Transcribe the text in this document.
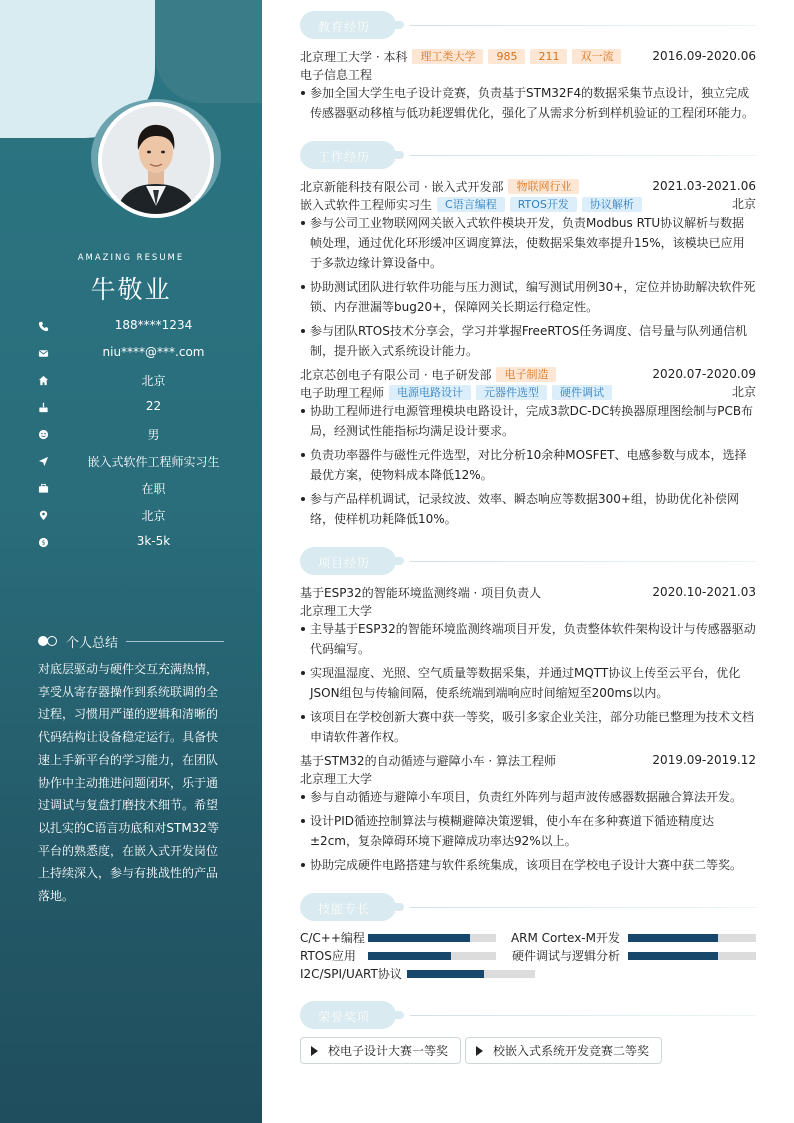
AMAZING RESUME
牛敬业
188****1234
niu****@***.com
北京
22
男
嵌入式软件工程师实习生
在职
北京
$	3k-5k
个人总结
对底层驱动与硬件交互充满热情，享受从寄存器操作到系统联调的全过程，习惯用严谨的逻辑和清晰的代码结构让设备稳定运行。具备快速上手新平台的学习能力，在团队协作中主动推进问题闭环，乐于通过调试与复盘打磨技术细节。希望以扎实的C语言功底和对STM32等平台的熟悉度，在嵌入式开发岗位上持续深入，参与有挑战性的产品落地。
教育经历
北京理工大学 · 本科	理工类大学	985	211	双一流	2016.09-2020.06
电子信息工程
参加全国大学生电子设计竞赛，负责基于STM32F4的数据采集节点设计，独立完成传感器驱动移植与低功耗逻辑优化，强化了从需求分析到样机验证的工程闭环能力。
工作经历
北京新能科技有限公司 · 嵌入式开发部	物联网行业	2021.03-2021.06
嵌入式软件工程师实习生	C语言编程	RTOS开发	协议解析	北京
参与公司工业物联网网关嵌入式软件模块开发，负责Modbus RTU协议解析与数据帧处理，通过优化环形缓冲区调度算法，使数据采集效率提升15%，该模块已应用于多款边缘计算设备中。
协助测试团队进行软件功能与压力测试，编写测试用例30+，定位并协助解决软件死锁、内存泄漏等bug20+，保障网关长期运行稳定性。
参与团队RTOS技术分享会，学习并掌握FreeRTOS任务调度、信号量与队列通信机制，提升嵌入式系统设计能力。
北京芯创电子有限公司 · 电子研发部	电子制造	2020.07-2020.09
电子助理工程师	电源电路设计	元器件选型	硬件调试	北京
协助工程师进行电源管理模块电路设计，完成3款DC-DC转换器原理图绘制与PCB布局，经测试性能指标均满足设计要求。
负责功率器件与磁性元件选型，对比分析10余种MOSFET、电感参数与成本，选择最优方案，使物料成本降低12%。
参与产品样机调试，记录纹波、效率、瞬态响应等数据300+组，协助优化补偿网络，使样机功耗降低10%。
项目经历
基于ESP32的智能环境监测终端 · 项目负责人	2020.10-2021.03
北京理工大学
主导基于ESP32的智能环境监测终端项目开发，负责整体软件架构设计与传感器驱动代码编写。
实现温湿度、光照、空气质量等数据采集，并通过MQTT协议上传至云平台，优化JSON组包与传输间隔，使系统端到端响应时间缩短至200ms以内。
该项目在学校创新大赛中获一等奖，吸引多家企业关注，部分功能已整理为技术文档申请软件著作权。
基于STM32的自动循迹与避障小车 · 算法工程师	2019.09-2019.12
北京理工大学
参与自动循迹与避障小车项目，负责红外阵列与超声波传感器数据融合算法开发。
设计PID循迹控制算法与模糊避障决策逻辑，使小车在多种赛道下循迹精度达±2cm，复杂障碍环境下避障成功率达92%以上。
协助完成硬件电路搭建与软件系统集成，该项目在学校电子设计大赛中获二等奖。
技能专长
C/C++编程	ARM Cortex-M开发
RTOS应用	硬件调试与逻辑分析
I2C/SPI/UART协议
荣誉奖项
校电子设计大赛一等奖	校嵌入式系统开发竞赛二等奖
